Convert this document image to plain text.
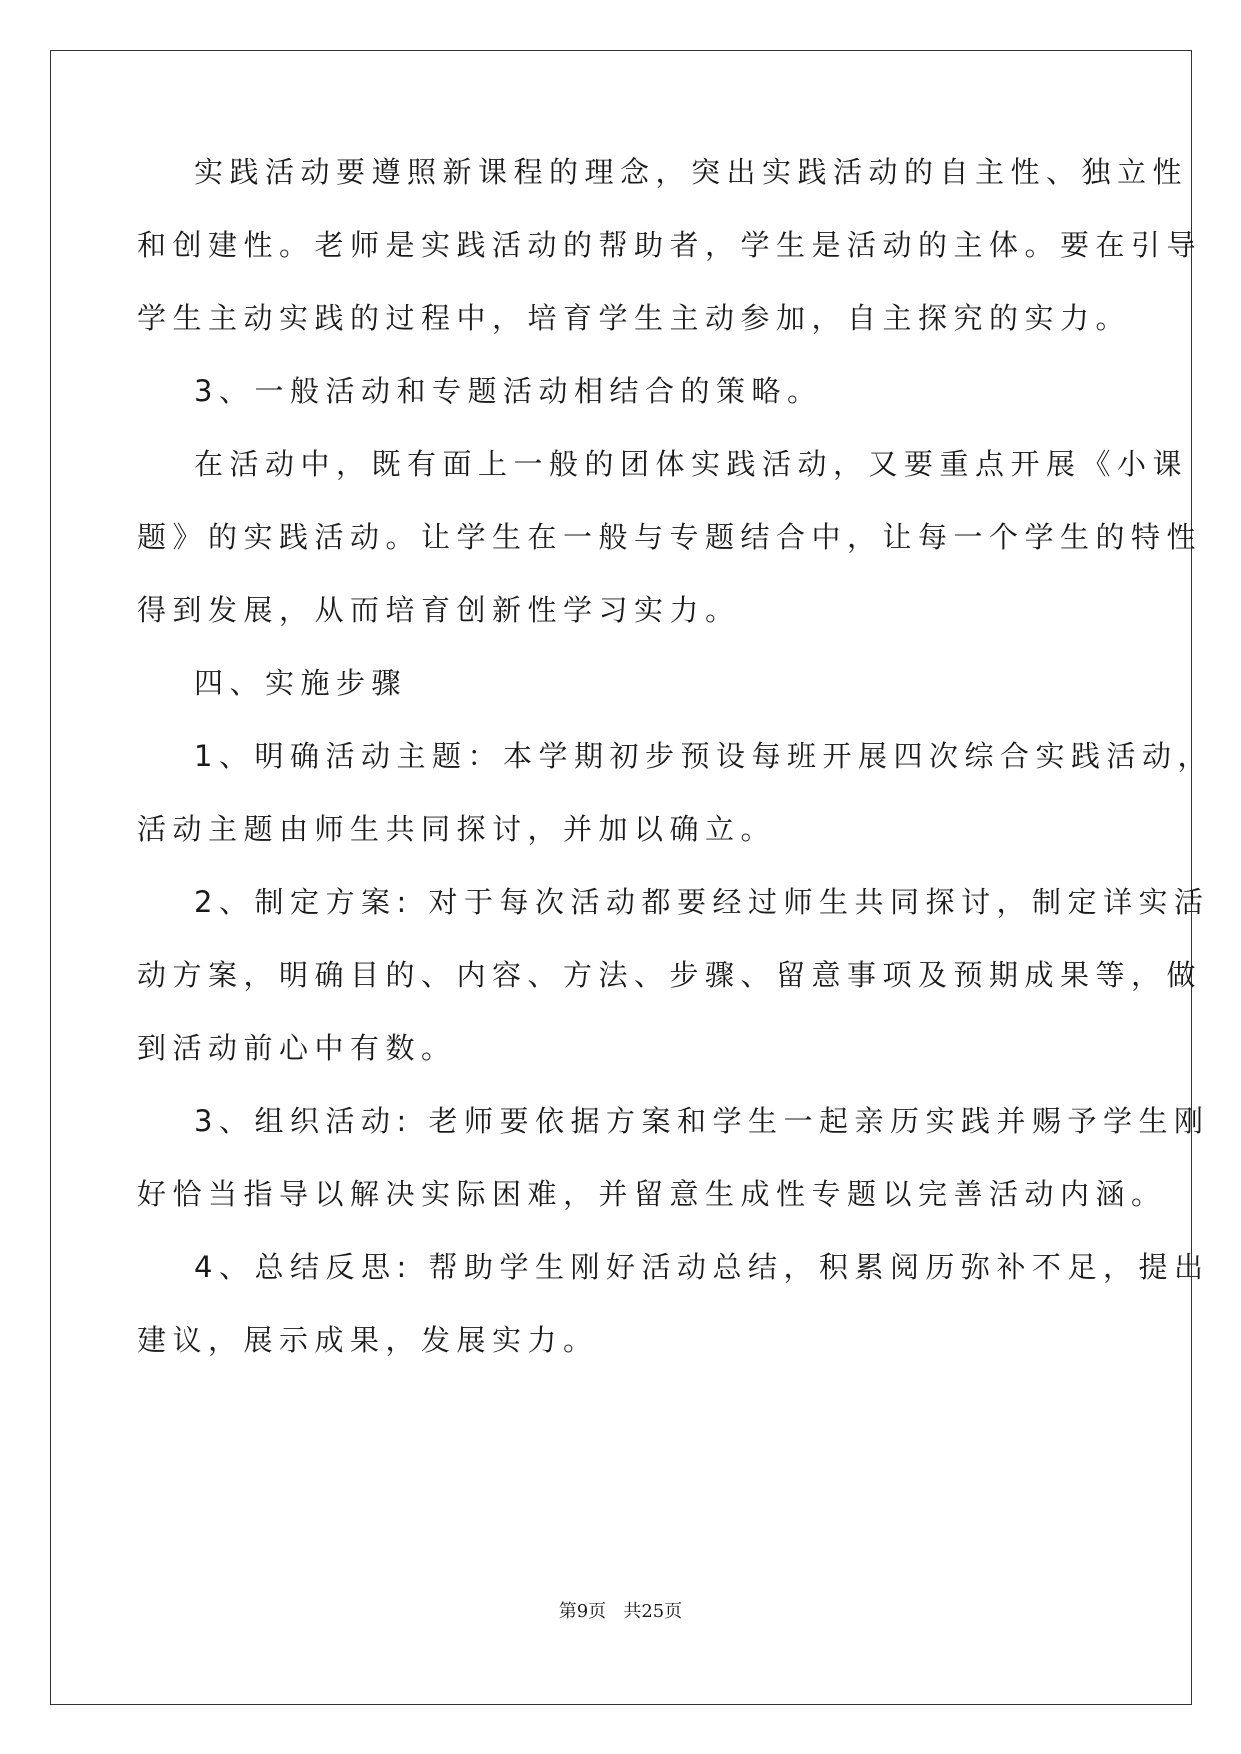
实践活动要遵照新课程的理念，突出实践活动的自主性、独立性
和创建性。老师是实践活动的帮助者，学生是活动的主体。要在引导
学生主动实践的过程中，培育学生主动参加，自主探究的实力。
3、一般活动和专题活动相结合的策略。
在活动中，既有面上一般的团体实践活动，又要重点开展《小课
题》的实践活动。让学生在一般与专题结合中，让每一个学生的特性
得到发展，从而培育创新性学习实力。
四、实施步骤
1、明确活动主题：本学期初步预设每班开展四次综合实践活动，
活动主题由师生共同探讨，并加以确立。
2、制定方案: 对于每次活动都要经过师生共同探讨，制定详实活
动方案，明确目的、内容、方法、步骤、留意事项及预期成果等，做
到活动前心中有数。
3、组织活动: 老师要依据方案和学生一起亲历实践并赐予学生刚
好恰当指导以解决实际困难，并留意生成性专题以完善活动内涵。
4、总结反思: 帮助学生刚好活动总结，积累阅历弥补不足，提出
建议，展示成果，发展实力。
第9页   共25页
